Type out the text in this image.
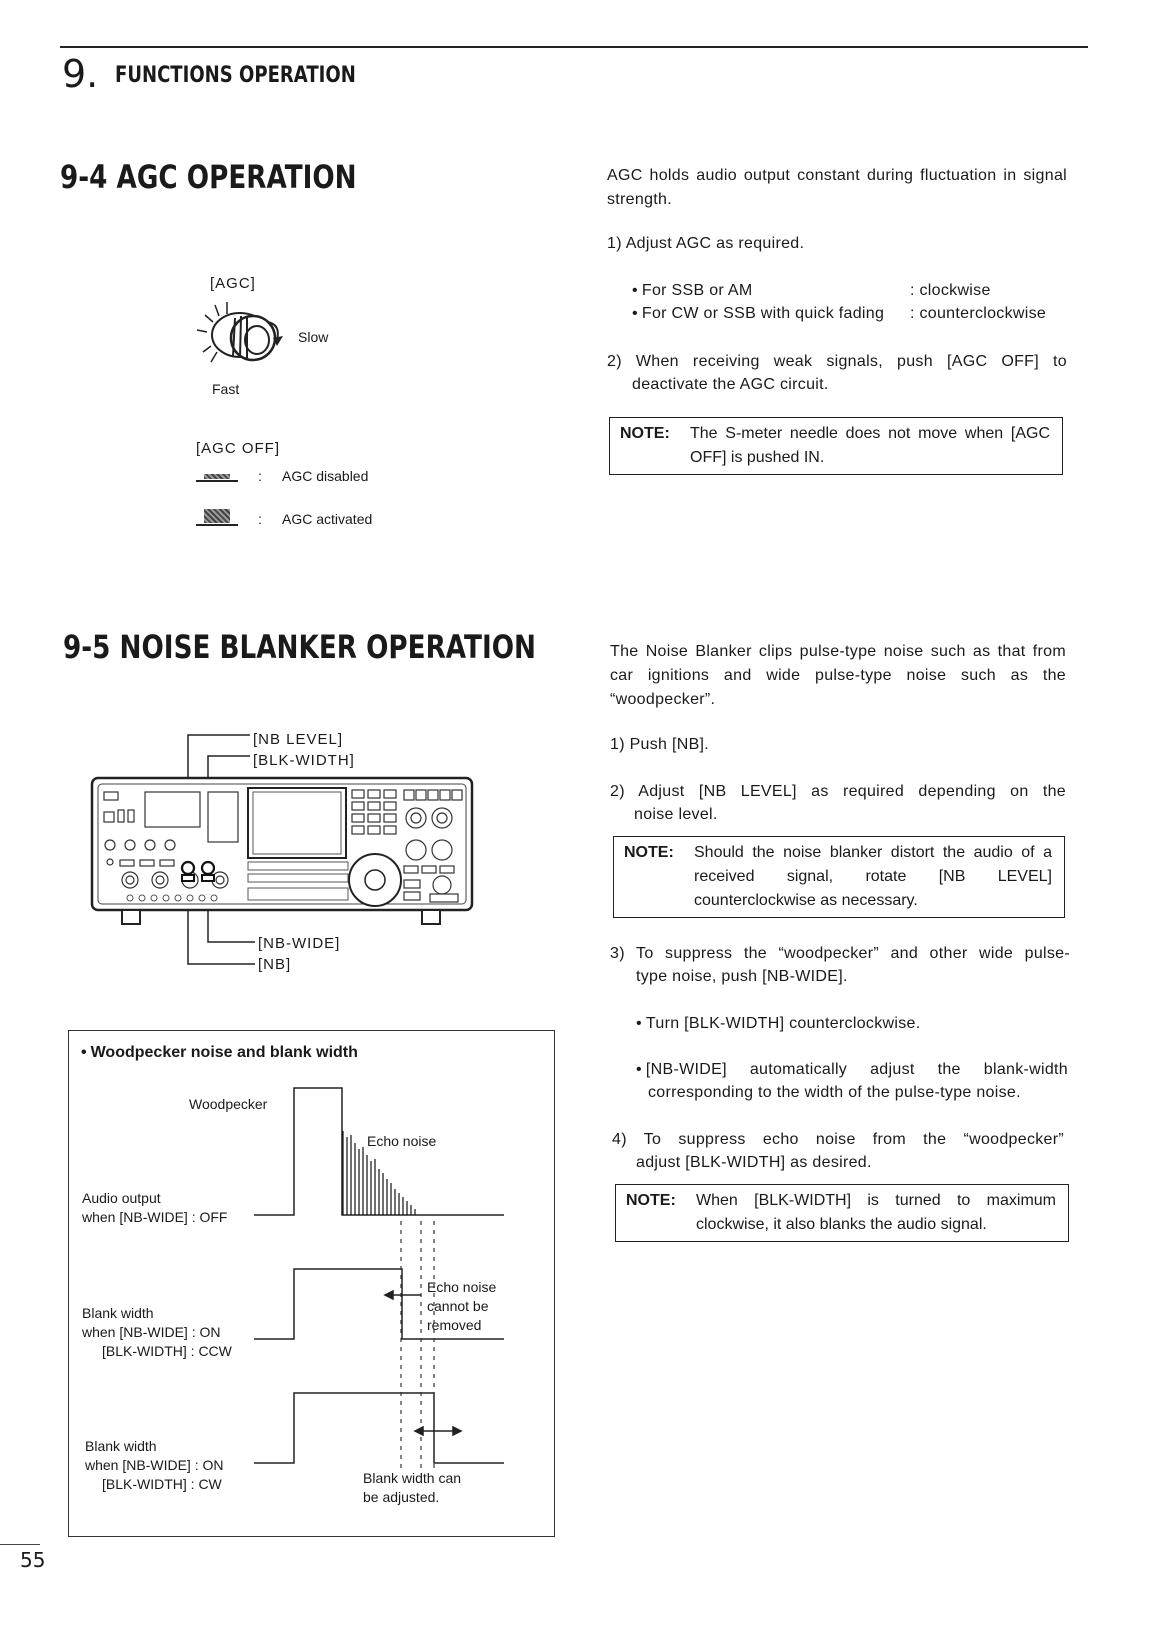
9. FUNCTIONS OPERATION
9-4 AGC OPERATION
[AGC]
Slow
Fast
[AGC OFF]
: AGC disabled
: AGC activated
AGC holds audio output constant during fluctuation in signal strength.
1) Adjust AGC as required.
• For SSB or AM	: clockwise
• For CW or SSB with quick fading : counterclockwise
2) When receiving weak signals, push [AGC OFF] to
deactivate the AGC circuit.
NOTE: The S-meter needle does not move when [AGC OFF] is pushed IN.
9-5 NOISE BLANKER OPERATION
[NB LEVEL]
[BLK-WIDTH]
[NB-WIDE]
[NB]
• Woodpecker noise and blank width
Woodpecker
Echo noise
Audio output
when [NB-WIDE] : OFF
Echo noise
cannot be
removed
Blank width
when [NB-WIDE] : ON
[BLK-WIDTH] : CCW
Blank width
when [NB-WIDE] : ON
[BLK-WIDTH] : CW	Blank width can
be adjusted.
The Noise Blanker clips pulse-type noise such as that from car ignitions and wide pulse-type noise such as the “woodpecker”.
1) Push [NB].
2) Adjust [NB LEVEL] as required depending on the
noise level.
NOTE: Should the noise blanker distort the audio of a received signal, rotate [NB LEVEL] counterclockwise as necessary.
3) To suppress the “woodpecker” and other wide pulse-
type noise, push [NB-WIDE].
• Turn [BLK-WIDTH] counterclockwise.
• [NB-WIDE] automatically adjust the blank-width
corresponding to the width of the pulse-type noise.
4) To suppress echo noise from the “woodpecker”
adjust [BLK-WIDTH] as desired.
NOTE: When [BLK-WIDTH] is turned to maximum clockwise, it also blanks the audio signal.
55
